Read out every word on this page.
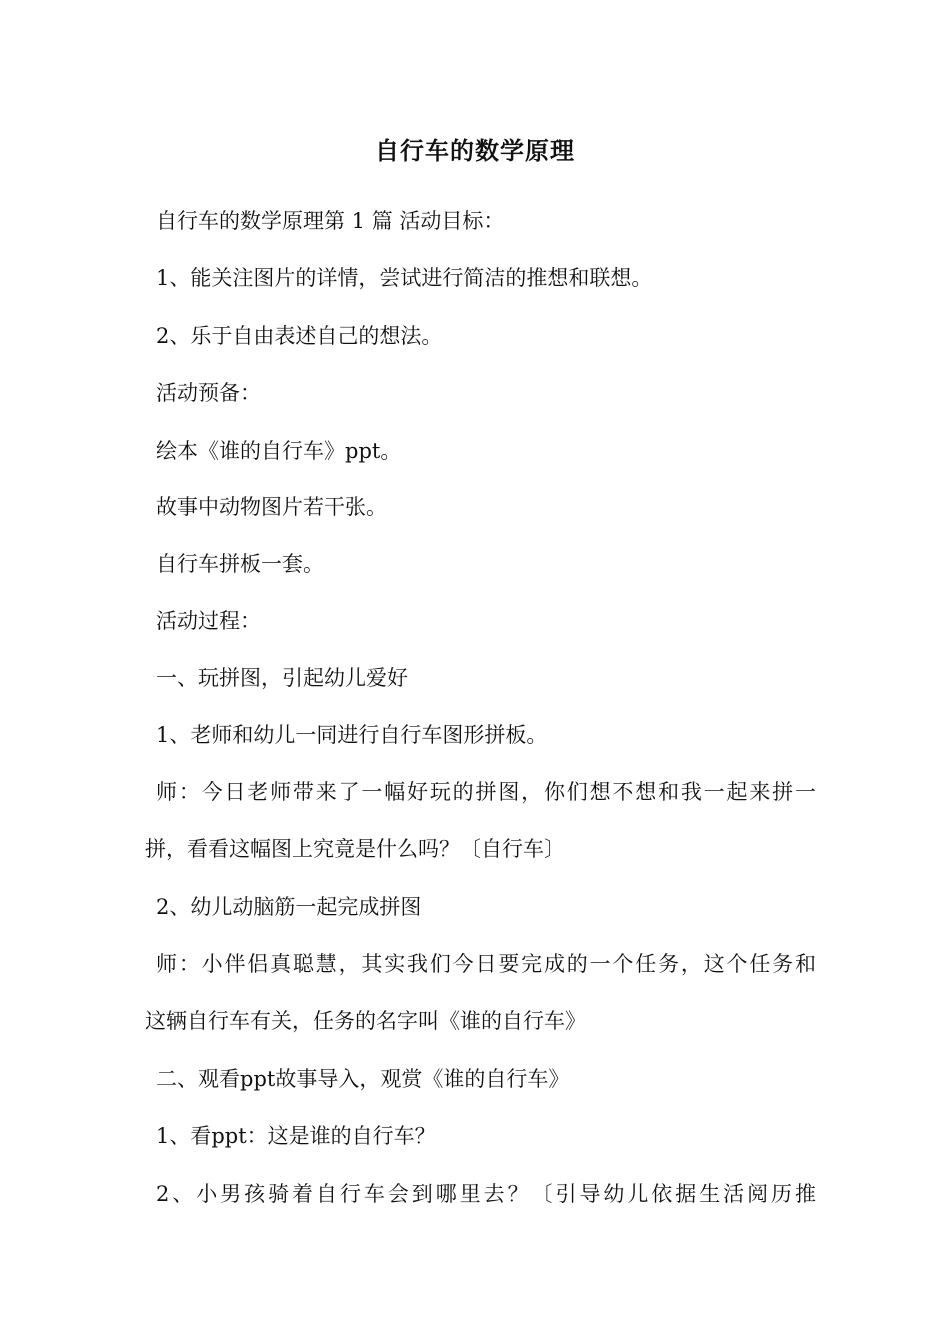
自行车的数学原理
自行车的数学原理第 1 篇 活动目标：
1、能关注图片的详情，尝试进行简洁的推想和联想。
2、乐于自由表述自己的想法。
活动预备：
绘本《谁的自行车》ppt。
故事中动物图片若干张。
自行车拼板一套。
活动过程：
一、玩拼图，引起幼儿爱好
1、老师和幼儿一同进行自行车图形拼板。
师：今日老师带来了一幅好玩的拼图，你们想不想和我一起来拼一
拼，看看这幅图上究竟是什么吗？〔自行车〕
2、幼儿动脑筋一起完成拼图
师：小伴侣真聪慧，其实我们今日要完成的一个任务，这个任务和
这辆自行车有关，任务的名字叫《谁的自行车》
二、观看ppt故事导入，观赏《谁的自行车》
1、看ppt：这是谁的自行车？
2、小男孩骑着自行车会到哪里去？〔引导幼儿依据生活阅历推
